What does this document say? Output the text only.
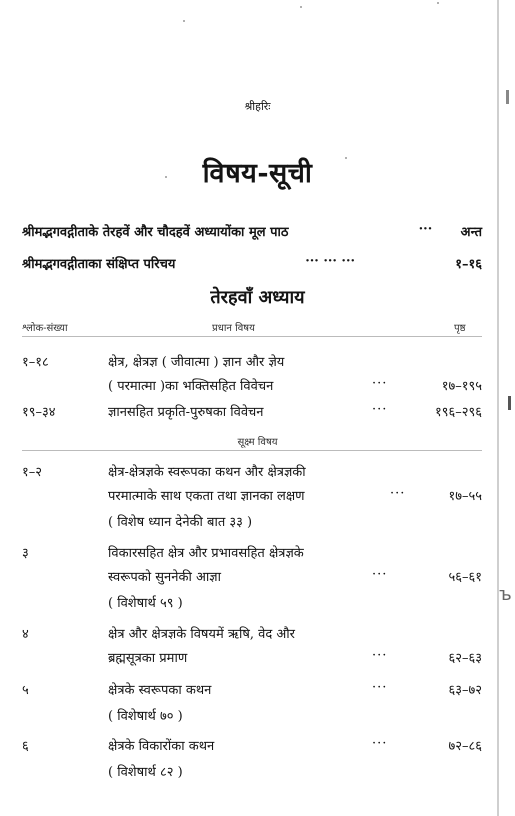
ъ
श्रीहरिः
विषय-सूची
श्रीमद्भगवद्गीताके तेरहवें और चौदहवें अध्यायोंका मूल पाठ	···	अन्त
श्रीमद्भगवद्गीताका संक्षिप्त परिचय	··· ··· ···	१–१६
तेरहवाँ अध्याय
श्लोक-संख्या	प्रधान विषय	पृष्ठ
१–१८	क्षेत्र, क्षेत्रज्ञ ( जीवात्मा ) ज्ञान और ज्ञेय
( परमात्मा )का भक्तिसहित विवेचन	···	१७–१९५
१९–३४	ज्ञानसहित प्रकृति-पुरुषका विवेचन	···	१९६–२९६
सूक्ष्म विषय
१–२	क्षेत्र-क्षेत्रज्ञके स्वरूपका कथन और क्षेत्रज्ञकी
परमात्माके साथ एकता तथा ज्ञानका लक्षण	···	१७–५५
( विशेष ध्यान देनेकी बात ३३ )
३	विकारसहित क्षेत्र और प्रभावसहित क्षेत्रज्ञके
स्वरूपको सुननेकी आज्ञा	···	५६–६१
( विशेषार्थ ५९ )
४	क्षेत्र और क्षेत्रज्ञके विषयमें ऋषि, वेद और
ब्रह्मसूत्रका प्रमाण	···	६२–६३
५	क्षेत्रके स्वरूपका कथन	···	६३–७२
( विशेषार्थ ७० )
६	क्षेत्रके विकारोंका कथन	···	७२–८६
( विशेषार्थ ८२ )
